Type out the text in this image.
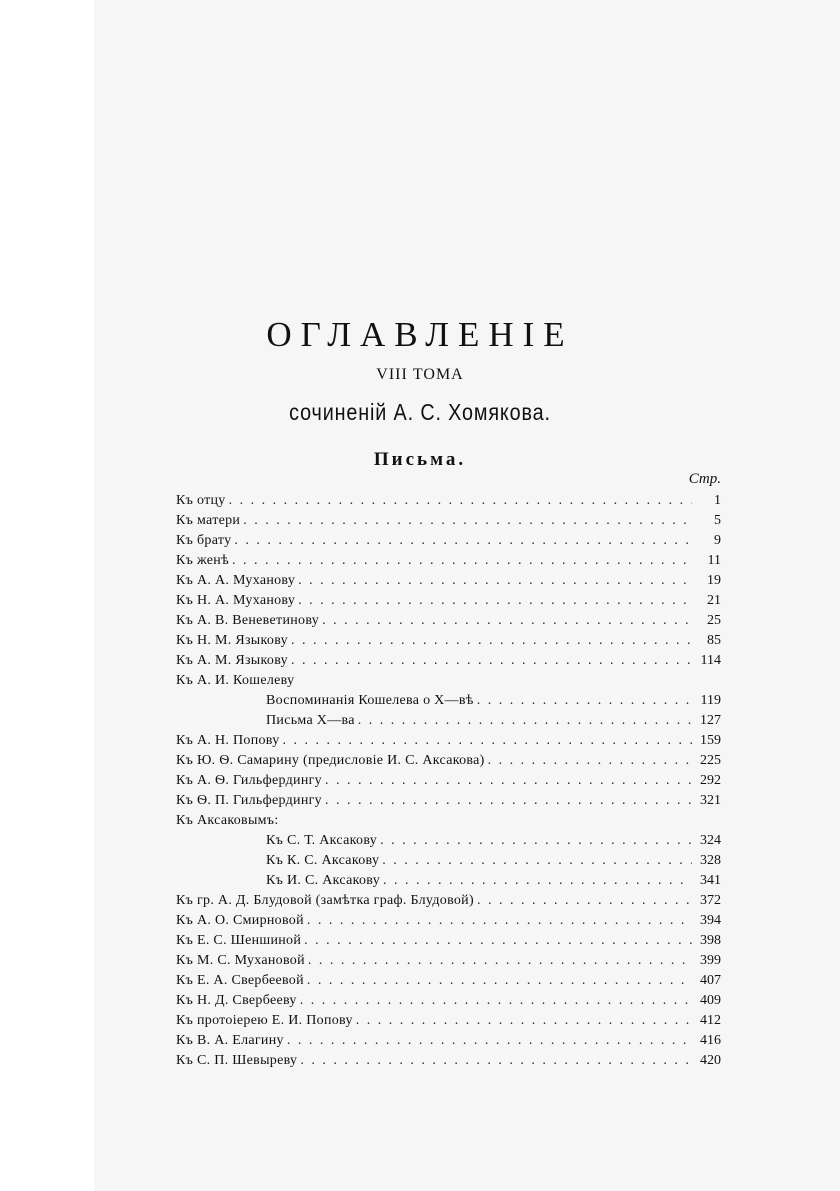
ОГЛАВЛЕНІЕ
VIII ТОМА
сочиненій А. С. Хомякова.
Письма.
Стр.
Къ отцу . . .	1
Къ матери . . .	5
Къ брату . . .	9
Къ женѣ . . .	11
Къ А. А. Муханову . . .	19
Къ Н. А. Муханову . . .	21
Къ А. В. Веневетинову . . .	25
Къ Н. М. Языкову . . .	85
Къ А. М. Языкову . . .	114
Къ А. И. Кошелеву
Воспоминанія Кошелева о Х—вѣ . . .	119
Письма Х—ва . . .	127
Къ А. Н. Попову . . .	159
Къ Ю. Ѳ. Самарину (предисловіе И. С. Аксакова) . . .	225
Къ А. Ѳ. Гильфердингу . . .	292
Къ Ѳ. П. Гильфердингу . . .	321
Къ Аксаковымъ:
Къ С. Т. Аксакову . . .	324
Къ К. С. Аксакову . . .	328
Къ И. С. Аксакову . . .	341
Къ гр. А. Д. Блудовой (замѣтка граф. Блудовой) . . .	372
Къ А. О. Смирновой . . .	394
Къ Е. С. Шеншиной . . .	398
Къ М. С. Мухановой . . .	399
Къ Е. А. Свербеевой . . .	407
Къ Н. Д. Свербееву . . .	409
Къ протоіерею Е. И. Попову . . .	412
Къ В. А. Елагину . . .	416
Къ С. П. Шевыреву . . .	420
